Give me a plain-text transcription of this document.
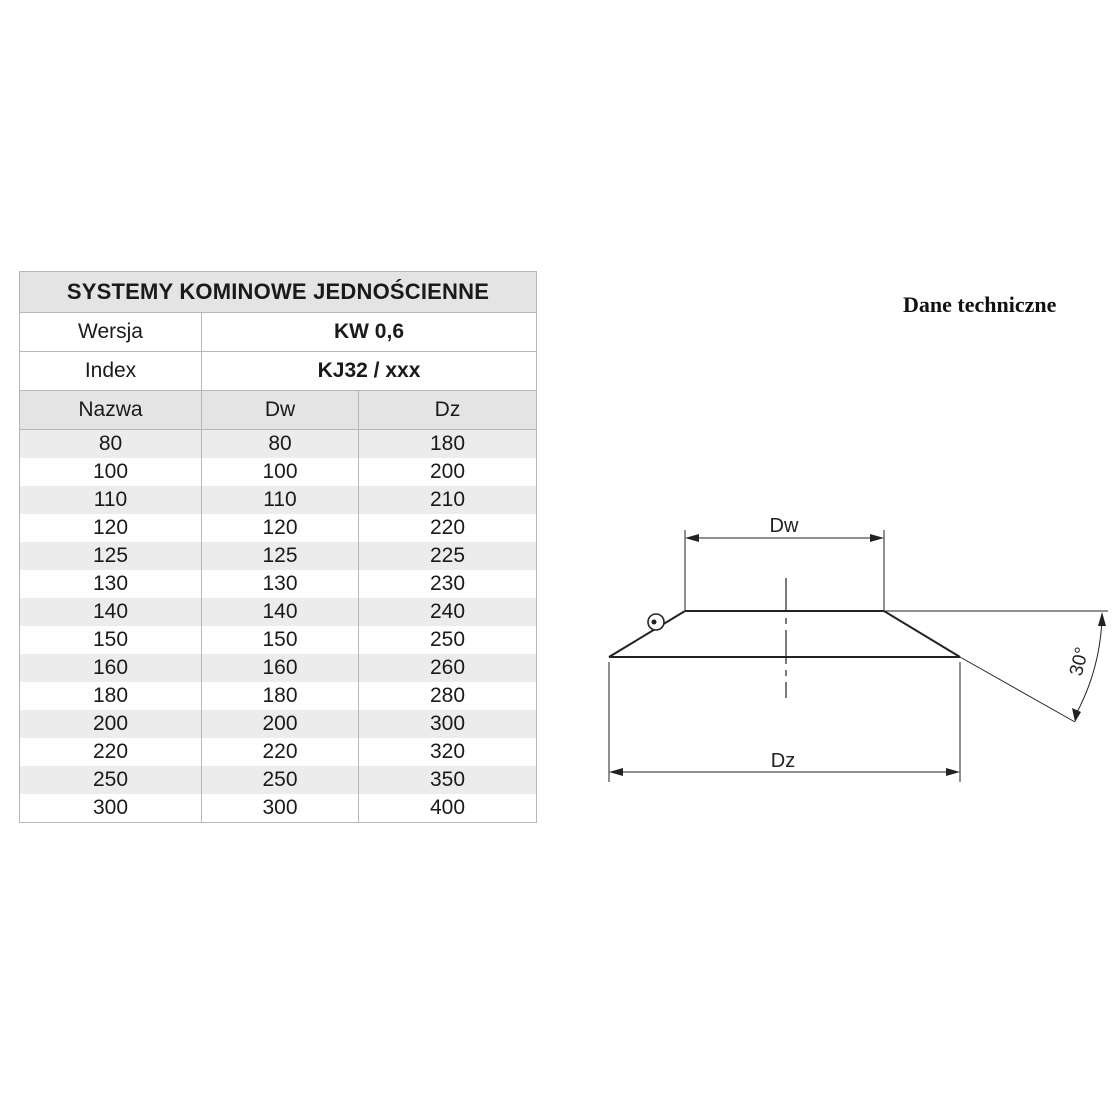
SYSTEMY KOMINOWE JEDNOŚCIENNE		
Wersja	KW 0,6	
Index	KJ32 / xxx	
Nazwa	Dw	Dz
80	80	180
100	100	200
110	110	210
120	120	220
125	125	225
130	130	230
140	140	240
150	150	250
160	160	260
180	180	280
200	200	300
220	220	320
250	250	350
300	300	400
Dane techniczne
Dw
Dz
30°
